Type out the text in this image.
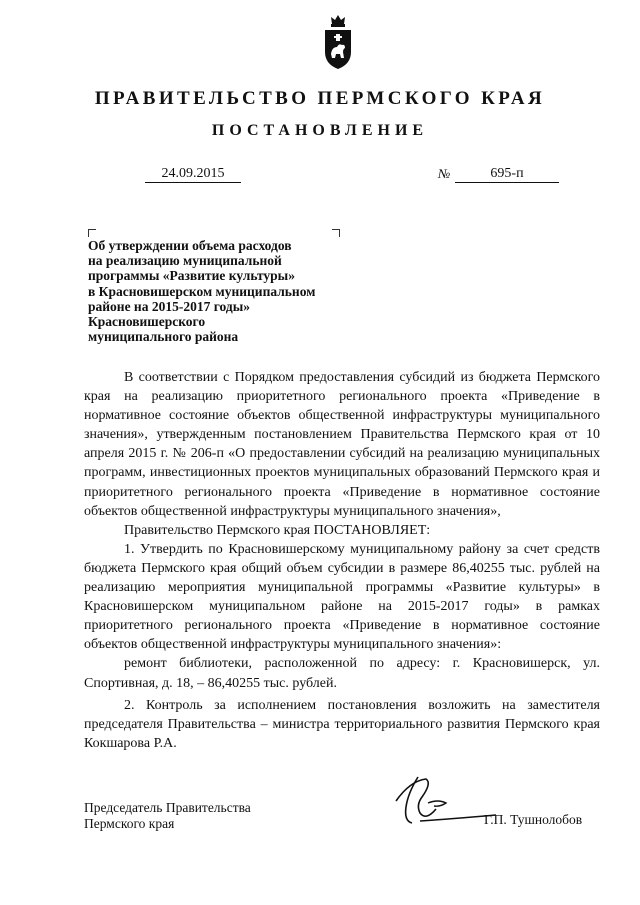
ПРАВИТЕЛЬСТВО ПЕРМСКОГО КРАЯ
ПОСТАНОВЛЕНИЕ
24.09.2015	№	695-п
Об утверждении объема расходов
на реализацию муниципальной
программы «Развитие культуры»
в Красновишерском муниципальном
районе на 2015-2017 годы»
Красновишерского
муниципального района

В соответствии с Порядком предоставления субсидий из бюджета Пермского края на реализацию приоритетного регионального проекта «Приведение в нормативное состояние объектов общественной инфраструктуры муниципального значения», утвержденным постановлением Правительства Пермского края от 10 апреля 2015 г. № 206-п «О предоставлении субсидий на реализацию муниципальных программ, инвестиционных проектов муниципальных образований Пермского края и приоритетного регионального проекта «Приведение в нормативное состояние объектов общественной инфраструктуры муниципального значения»,

Правительство Пермского края ПОСТАНОВЛЯЕТ:

1. Утвердить по Красновишерскому муниципальному району за счет средств бюджета Пермского края общий объем субсидии в размере 86,40255 тыс. рублей на реализацию мероприятия муниципальной программы «Развитие культуры» в Красновишерском муниципальном районе на 2015-2017 годы» в рамках приоритетного регионального проекта «Приведение в нормативное состояние объектов общественной инфраструктуры муниципального значения»:

ремонт библиотеки, расположенной по адресу: г. Красновишерск, ул. Спортивная, д. 18, – 86,40255 тыс. рублей.

2. Контроль за исполнением постановления возложить на заместителя председателя Правительства – министра территориального развития Пермского края Кокшарова Р.А.

Председатель Правительства
Пермского края	Г.П. Тушнолобов
